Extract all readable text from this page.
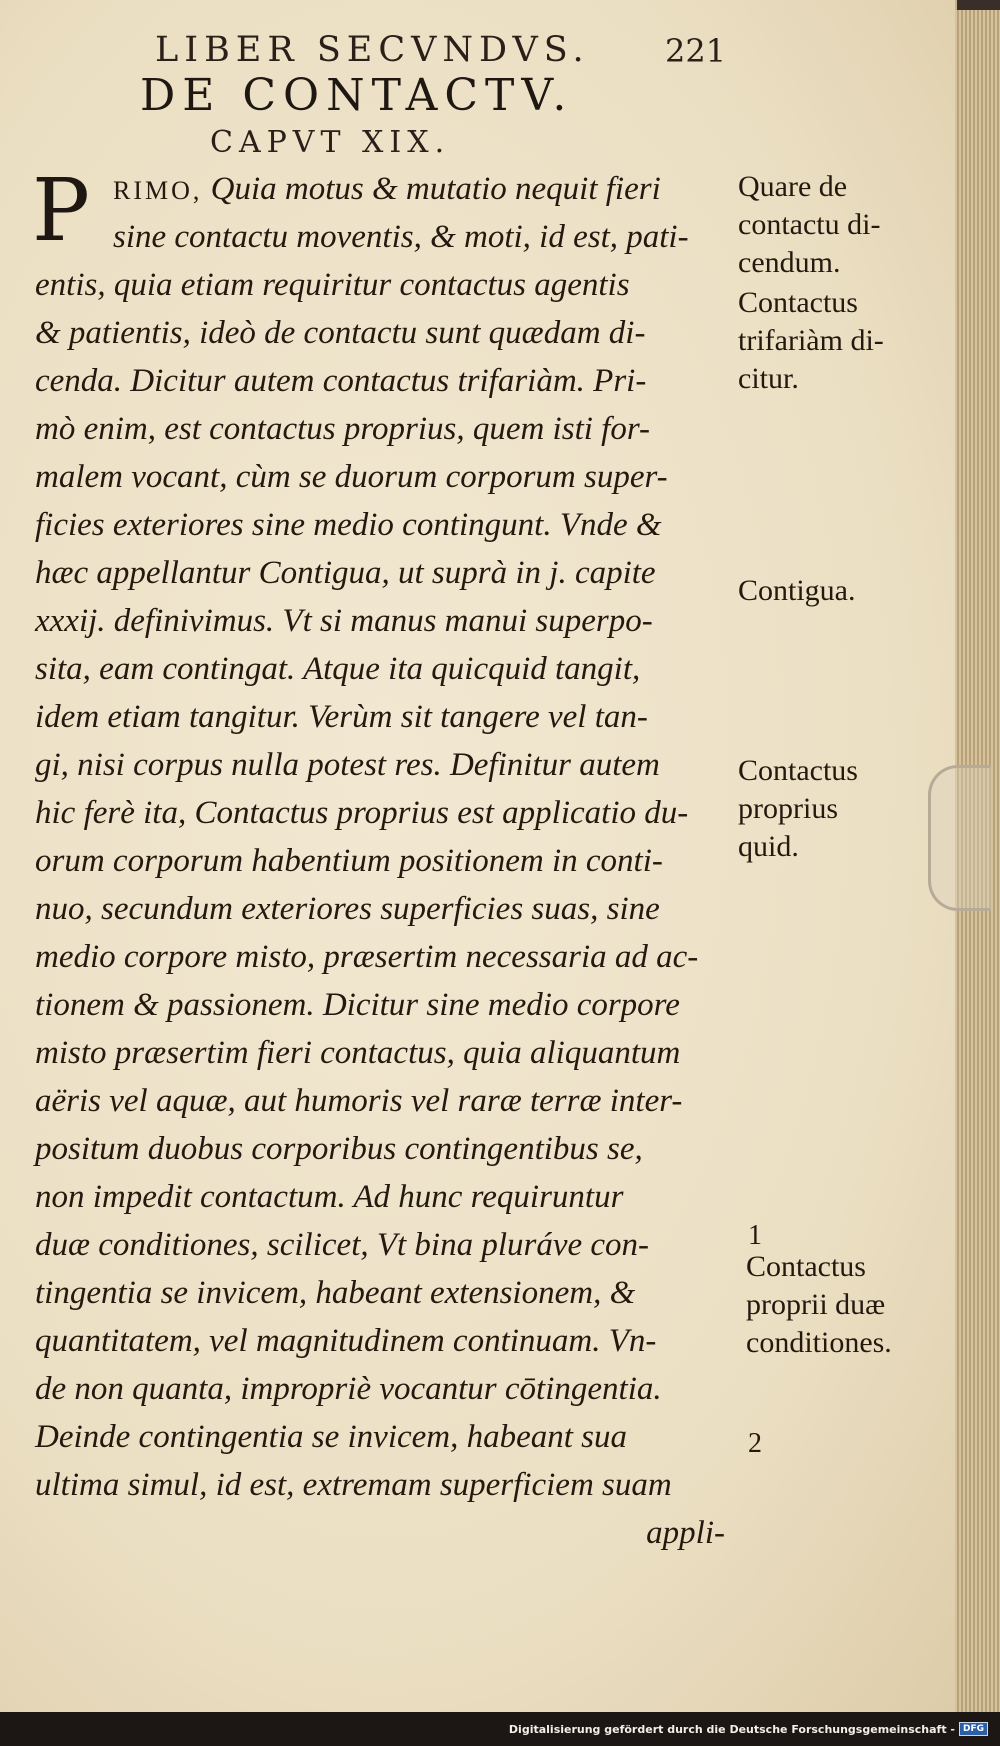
LIBER SECVNDVS.	221
DE CONTACTV.
CAPVT XIX.
P RIMO, Quia motus & mutatio nequit fieri
sine contactu moventis, & moti, id est, pati-
entis, quia etiam requiritur contactus agentis
& patientis, ideò de contactu sunt quædam di-
cenda. Dicitur autem contactus trifariàm. Pri-
mò enim, est contactus proprius, quem isti for-
malem vocant, cùm se duorum corporum super-
ficies exteriores sine medio contingunt. Vnde &
hæc appellantur Contigua, ut suprà in j. capite
xxxij. definivimus. Vt si manus manui superpo-
sita, eam contingat. Atque ita quicquid tangit,
idem etiam tangitur. Verùm sit tangere vel tan-
gi, nisi corpus nulla potest res. Definitur autem
hic ferè ita, Contactus proprius est applicatio du-
orum corporum habentium positionem in conti-
nuo, secundum exteriores superficies suas, sine
medio corpore misto, præsertim necessaria ad ac-
tionem & passionem. Dicitur sine medio corpore
misto præsertim fieri contactus, quia aliquantum
aëris vel aquæ, aut humoris vel raræ terræ inter-
positum duobus corporibus contingentibus se,
non impedit contactum. Ad hunc requiruntur
duæ conditiones, scilicet, Vt bina pluráve con-
tingentia se invicem, habeant extensionem, &
quantitatem, vel magnitudinem continuam. Vn-
de non quanta, impropriè vocantur cōtingentia.
Deinde contingentia se invicem, habeant sua
ultima simul, id est, extremam superficiem suam
appli-
Quare de
contactu di-
cendum.
Contactus
trifariàm di-
citur.
Contigua.
Contactus
proprius
quid.
Contactus
proprii duæ
conditiones.
1
2
Digitalisierung gefördert durch die Deutsche Forschungsgemeinschaft - DFG
